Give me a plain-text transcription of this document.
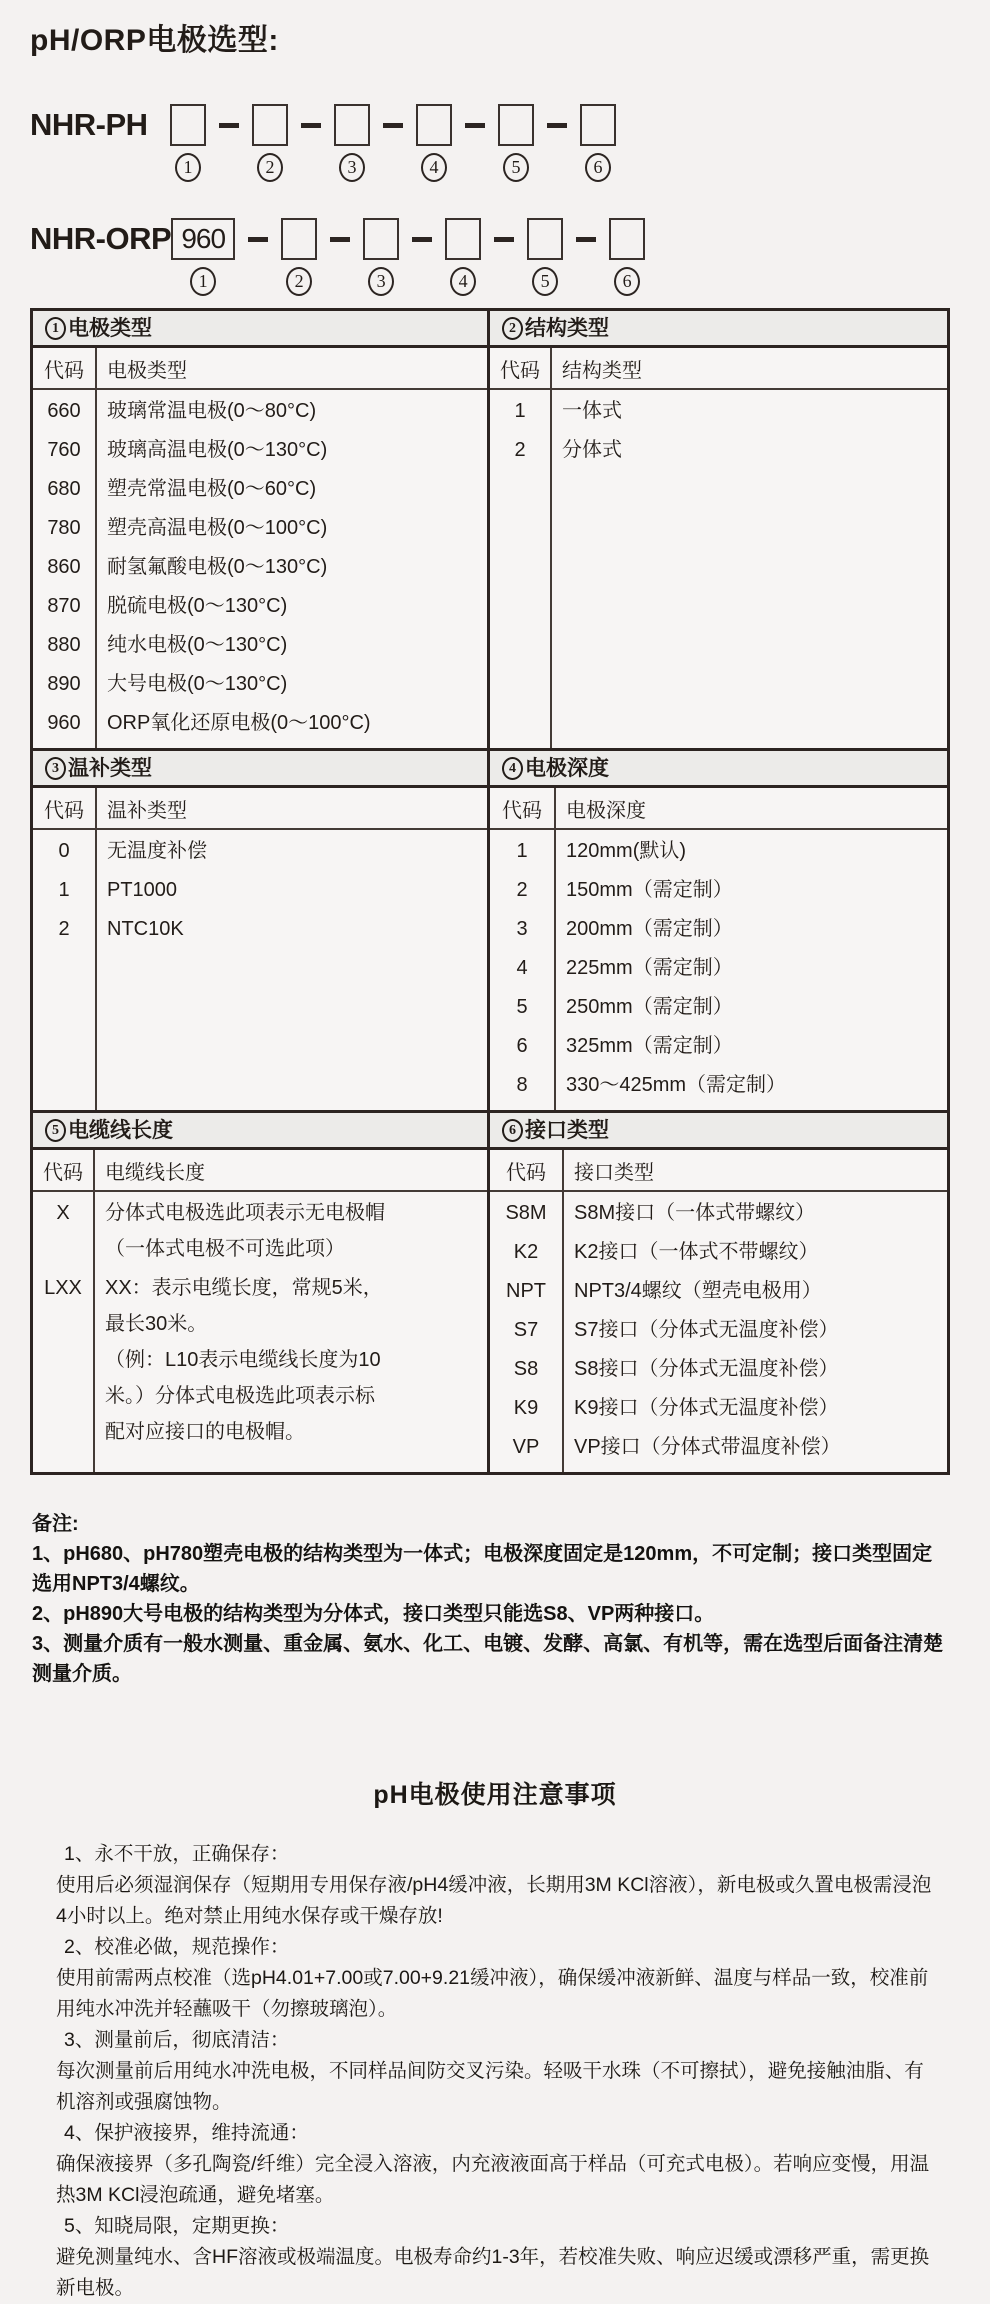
pH/ORP电极选型:
NHR-PH
1	2	3	4	5	6
NHR-ORP 960
1	2	3	4	5	6
1 电极类型
代码	电极类型
660	玻璃常温电极(0～80°C)
760	玻璃高温电极(0～130°C)
680	塑壳常温电极(0～60°C)
780	塑壳高温电极(0～100°C)
860	耐氢氟酸电极(0～130°C)
870	脱硫电极(0～130°C)
880	纯水电极(0～130°C)
890	大号电极(0～130°C)
960	ORP氧化还原电极(0～100°C)
2 结构类型
代码	结构类型
1	一体式
2	分体式
3 温补类型
代码	温补类型
0	无温度补偿
1	PT1000
2	NTC10K
4 电极深度
代码	电极深度
1	120mm(默认)
2	150mm（需定制）
3	200mm（需定制）
4	225mm（需定制）
5	250mm（需定制）
6	325mm（需定制）
8	330～425mm（需定制）
5 电缆线长度
代码	电缆线长度
X	分体式电极选此项表示无电极帽
（一体式电极不可选此项）
LXX	XX：表示电缆长度，常规5米，
最长30米。
（例：L10表示电缆线长度为10
米。）分体式电极选此项表示标
配对应接口的电极帽。
6 接口类型
代码	接口类型
S8M	S8M接口（一体式带螺纹）
K2	K2接口（一体式不带螺纹）
NPT	NPT3/4螺纹（塑壳电极用）
S7	S7接口（分体式无温度补偿）
S8	S8接口（分体式无温度补偿）
K9	K9接口（分体式无温度补偿）
VP	VP接口（分体式带温度补偿）
备注:
1、pH680、pH780塑壳电极的结构类型为一体式；电极深度固定是120mm，不可定制；接口类型固定选用NPT3/4螺纹。
2、pH890大号电极的结构类型为分体式，接口类型只能选S8、VP两种接口。
3、测量介质有一般水测量、重金属、氨水、化工、电镀、发酵、高氯、有机等，需在选型后面备注清楚测量介质。
pH电极使用注意事项
1、永不干放，正确保存：
使用后必须湿润保存（短期用专用保存液/pH4缓冲液，长期用3M KCl溶液），新电极或久置电极需浸泡4小时以上。绝对禁止用纯水保存或干燥存放!
2、校准必做，规范操作：
使用前需两点校准（选pH4.01+7.00或7.00+9.21缓冲液），确保缓冲液新鲜、温度与样品一致，校准前用纯水冲洗并轻蘸吸干（勿擦玻璃泡）。
3、测量前后，彻底清洁：
每次测量前后用纯水冲洗电极，不同样品间防交叉污染。轻吸干水珠（不可擦拭），避免接触油脂、有机溶剂或强腐蚀物。
4、保护液接界，维持流通：
确保液接界（多孔陶瓷/纤维）完全浸入溶液，内充液液面高于样品（可充式电极）。若响应变慢，用温热3M KCl浸泡疏通，避免堵塞。
5、知晓局限，定期更换：
避免测量纯水、含HF溶液或极端温度。电极寿命约1-3年，若校准失败、响应迟缓或漂移严重，需更换新电极。
